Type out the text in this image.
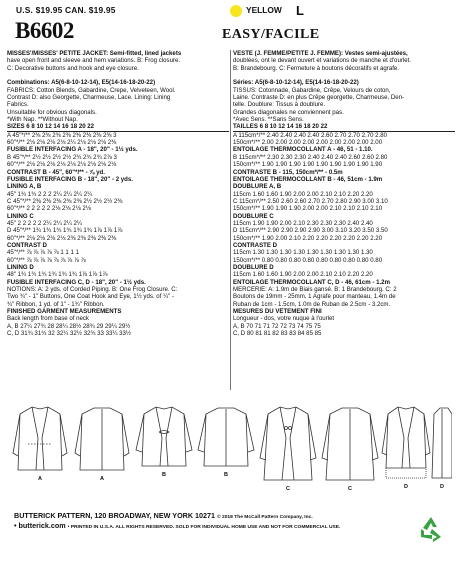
U.S. $19.95 CAN. $19.95	YELLOW L
B6602	EASY/FACILE
MISSES'/MISSES' PETITE JACKET: Semi-fitted, lined jackets
have open front and sleeve and hem variations. B: Frog closure.
C: Decorative buttons and hook and eye closure.

Combinations: A5(6-8-10-12-14), E5(14-16-18-20-22)
FABRICS: Cotton Blends, Gabardine, Crepe, Velveteen, Wool.
Contrast D: also Georgette, Charmeuse, Lace. Lining: Lining
Fabrics.
Unsuitable for obvious diagonals.
*With Nap. **Without Nap.
SIZES 6 8 10 12 14 16 18 20 22
A 45"*/** 2⅜ 2⅜ 2⅜ 2⅜ 2⅜ 2⅜ 2⅜ 2⅜ 3
60"*/** 2⅛ 2⅛ 2⅛ 2⅛ 2¼ 2⅛ 2⅛ 2⅛ 2⅜
FUSIBLE INTERFACING A - 18", 20" - 1½ yds.
B 45"*/** 2½ 2½ 2½ 2½ 2¾ 2¾ 2¾ 2⅞ 3
60"*/** 2⅛ 2⅛ 2⅛ 2⅛ 2⅛ 2⅛ 2⅛ 2⅛ 2⅛
CONTRAST B - 45", 60"*/** - ⅞ yd.
FUSIBLE INTERFACING B - 18", 20" - 2 yds.
LINING A, B
45" 1¾ 1¾ 2 2 2 2¼ 2¼ 2¼ 2¼
C 45"*/** 2⅜ 2⅜ 2⅜ 2⅜ 2⅜ 2½ 2½ 2½ 2⅜
60"*/** 2 2 2 2 2 2⅛ 2⅛ 2⅛ 2⅛
LINING C
45" 2 2 2 2 2 2¼ 2¼ 2¼ 2¼
D 45"*/** 1¾ 1¾ 1¾ 1¾ 1¾ 1¾ 1⅞ 1⅞ 1⅞
60"*/** 2⅛ 2⅛ 2⅛ 2⅛ 2⅜ 2⅜ 2⅜ 2⅜ 2⅜
CONTRAST D
45"*/** ⅞ ⅞ ⅞ ⅞ ⅞ 1 1 1 1
60"*/** ⅞ ⅞ ⅞ ⅞ ⅞ ⅞ ⅞ ⅞ ⅞
LINING D
48" 1¾ 1¾ 1¾ 1¾ 1¾ 1¾ 1⅞ 1⅞ 1⅞
FUSIBLE INTERFACING C, D - 18", 20" - 1½ yds.
NOTIONS: A: 2 yds. of Corded Piping. B: One Frog Closure. C:
Two ¾" - 1" Buttons, One Coat Hook and Eye, 1½ yds. of ¼" -
¾" Ribbon, 1 yd. of 1" - 1¾" Ribbon.
FINISHED GARMENT MEASUREMENTS
Back length from base of neck
A, B 27¼ 27¾ 28 28¼ 28½ 28¾ 29 29¼ 29½
C, D 31¾ 31¾ 32 32¼ 32½ 32¾ 33 33¼ 33½
VESTE (J. FEMME/PETITE J. FEMME): Vestes semi-ajustées,
doublées, ont le devant ouvert et variations de manche et d'ourlet.
B: Brandebourg. C: Fermeture à boutons décoratifs et agrafe.

Séries: A5(6-8-10-12-14), E5(14-16-18-20-22)
TISSUS: Cotonnade, Gabardine, Crêpe, Velours de coton,
Laine. Contraste D: en plus Crêpe georgette, Charmeuse, Den-
telle. Doublure: Tissus à doublure.
Grandes diagonales ne conviennent pas.
*Avec Sens. **Sans Sens.
TAILLES 6 8 10 12 14 16 18 20 22
A 115cm*/** 2.40 2.40 2.40 2.40 2.60 2.70 2.70 2.70 2.80
150cm*/** 2.00 2.00 2.00 2.00 2.00 2.00 2.00 2.00 2.00
ENTOILAGE THERMOCOLLANT A - 46, 51 - 1.10.
B 115cm*/** 2.30 2.30 2.30 2.40 2.40 2.40 2.60 2.60 2.80
150cm*/** 1.90 1.90 1.90 1.90 1.90 1.90 1.90 1.90 1.90
CONTRASTE B - 115, 150cm*/** - 0.5m
ENTOILAGE THERMOCOLLANT B - 46, 51cm - 1.9m
DOUBLURE A, B
115cm 1.60 1.60 1.90 2.00 2.00 2.10 2.10 2.20 2.20
C 115cm*/** 2.50 2.60 2.60 2.70 2.70 2.80 2.90 3.00 3.10
150cm*/** 1.90 1.90 1.90 2.00 2.00 2.10 2.10 2.10 2.10
DOUBLURE C
115cm 1.90 1.90 2.00 2.10 2.30 2.30 2.30 2.40 2.40
D 115cm*/** 2.90 2.90 2.90 2.90 3.00 3.10 3.20 3.50 3.50
150cm*/** 1.90 2.00 2.10 2.20 2.20 2.20 2.20 2.20 2.20
CONTRASTE D
115cm 1.30 1.30 1.30 1.30 1.30 1.30 1.30 1.30 1.30
150cm*/** 0.80 0.80 0.80 0.80 0.80 0.80 0.80 0.80 0.80
DOUBLURE D
115cm 1.60 1.60 1.90 2.00 2.00 2.10 2.10 2.20 2.20
ENTOILAGE THERMOCOLLANT C, D - 46, 61cm - 1.2m
MERCERIE: A: 1.9m de Biais gansé. B: 1 Brandebourg. C: 2
Boutons de 19mm - 25mm, 1 Agrafe pour manteau, 1.4m de
Ruban de 1cm - 1.5cm, 1.0m de Ruban de 2.5cm - 3.2cm.
MESURES DU VÊTEMENT FINI
Longueur - dos, votre nuque à l'ourlet
A, B 70 71 71 72 72 73 74 75 75
C, D 80 81 81 82 83 83 84 85 85
A	A
B	B
C	C	D	D
BUTTERICK PATTERN, 120 BROADWAY, NEW YORK 10271 © 2018 The McCall Pattern Company, Inc.
• butterick.com • PRINTED IN U.S.A. ALL RIGHTS RESERVED. SOLD FOR INDIVIDUAL HOME USE AND NOT FOR COMMERCIAL USE.
